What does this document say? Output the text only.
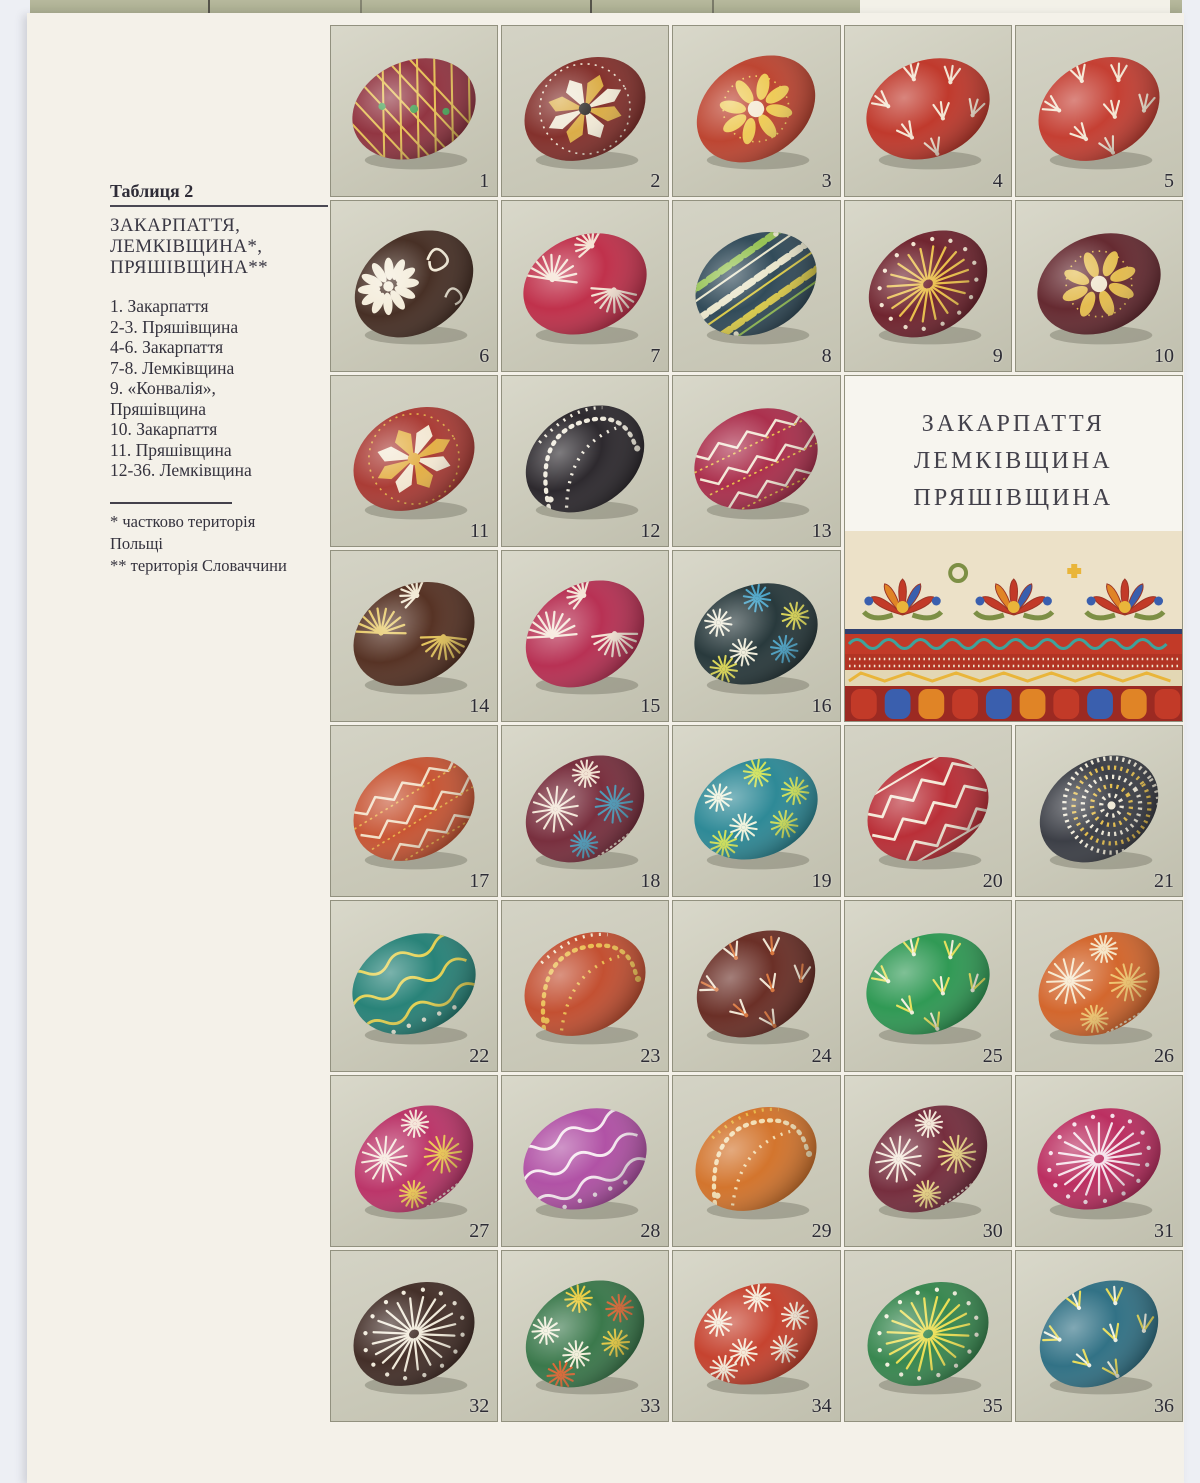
Таблиця 2
ЗАКАРПАТТЯ,
ЛЕМКІВЩИНА*,
ПРЯШІВЩИНА**
1. Закарпаття
2-3. Пряшівщина
4-6. Закарпаття
7-8. Лемківщина
9. «Конвалія»,
Пряшівщина
10. Закарпаття
11. Пряшівщина
12-36. Лемківщина
* частково територія
Польщі
** територія Словаччини
ЗАКАРПАТТЯ
ЛЕМКІВЩИНА
ПРЯШІВЩИНА
1	2	3	4	5
6	7	8	9	10
11	12	13
14	15	16
17	18	19	20	21
22	23	24	25	26
27	28	29	30	31
32	33	34	35	36
